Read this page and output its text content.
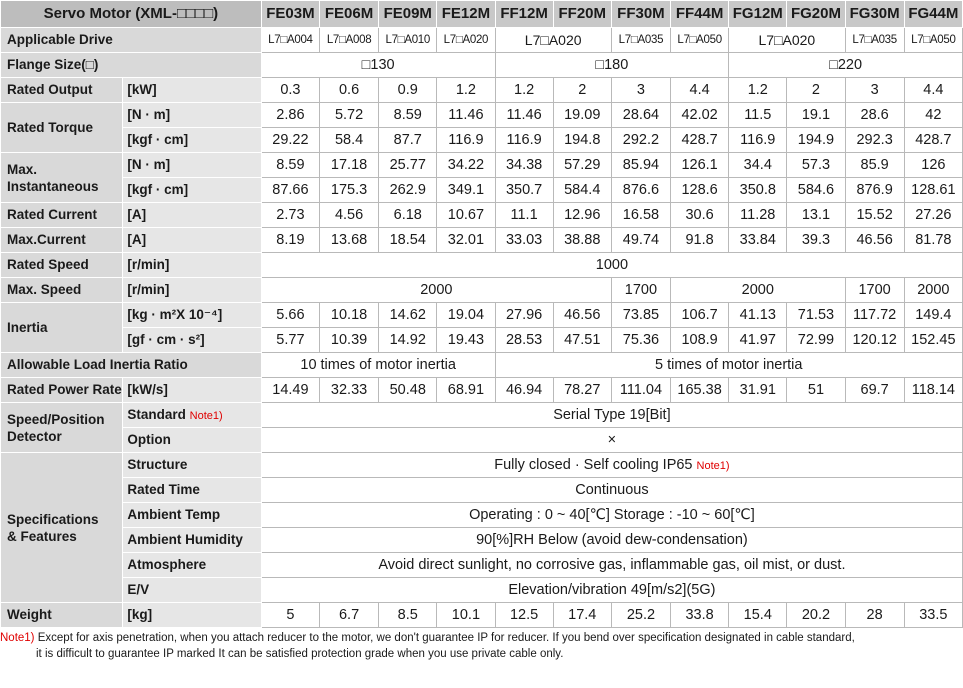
Servo Motor (XML-□□□□)		FE03M	FE06M	FE09M	FE12M	FF12M	FF20M	FF30M	FF44M	FG12M	FG20M	FG30M	FG44M
Applicable Drive		L7□A004	L7□A008	L7□A010	L7□A020	L7□A020		L7□A035	L7□A050	L7□A020		L7□A035	L7□A050
Flange Size(□)		□130				□180				□220			
Rated Output	[kW]	0.3	0.6	0.9	1.2	1.2	2	3	4.4	1.2	2	3	4.4
Rated Torque	[N · m]	2.86	5.72	8.59	11.46	11.46	19.09	28.64	42.02	11.5	19.1	28.6	42
	[kgf · cm]	29.22	58.4	87.7	116.9	116.9	194.8	292.2	428.7	116.9	194.9	292.3	428.7
Max.
Instantaneous	[N · m]	8.59	17.18	25.77	34.22	34.38	57.29	85.94	126.1	34.4	57.3	85.9	126
	[kgf · cm]	87.66	175.3	262.9	349.1	350.7	584.4	876.6	128.6	350.8	584.6	876.9	128.61
Rated Current	[A]	2.73	4.56	6.18	10.67	11.1	12.96	16.58	30.6	11.28	13.1	15.52	27.26
Max.Current	[A]	8.19	13.68	18.54	32.01	33.03	38.88	49.74	91.8	33.84	39.3	46.56	81.78
Rated Speed	[r/min]	1000											
Max. Speed	[r/min]	2000						1700	2000			1700	2000
Inertia	[kg · m²X 10⁻⁴]	5.66	10.18	14.62	19.04	27.96	46.56	73.85	106.7	41.13	71.53	117.72	149.4
	[gf · cm · s²]	5.77	10.39	14.92	19.43	28.53	47.51	75.36	108.9	41.97	72.99	120.12	152.45
Allowable Load Inertia Ratio		10 times of motor inertia				5 times of motor inertia							
Rated Power Rate	[kW/s]	14.49	32.33	50.48	68.91	46.94	78.27	111.04	165.38	31.91	51	69.7	118.14
Speed/Position
Detector	Standard Note1)	Serial Type 19[Bit]											
	Option	×											
Specifications
& Features	Structure	Fully closed · Self cooling IP65 Note1)											
	Rated Time	Continuous											
	Ambient Temp	Operating : 0 ~ 40[℃] Storage : -10 ~ 60[℃]											
	Ambient Humidity	90[%]RH Below (avoid dew-condensation)											
	Atmosphere	Avoid direct sunlight, no corrosive gas, inflammable gas, oil mist, or dust.											
	E/V	Elevation/vibration 49[m/s2](5G)											
Weight	[kg]	5	6.7	8.5	10.1	12.5	17.4	25.2	33.8	15.4	20.2	28	33.5
Note1) Except for axis penetration, when you attach reducer to the motor, we don't guarantee IP for reducer. If you bend over specification designated in cable standard,
it is difficult to guarantee IP marked It can be satisfied protection grade when you use private cable only.
